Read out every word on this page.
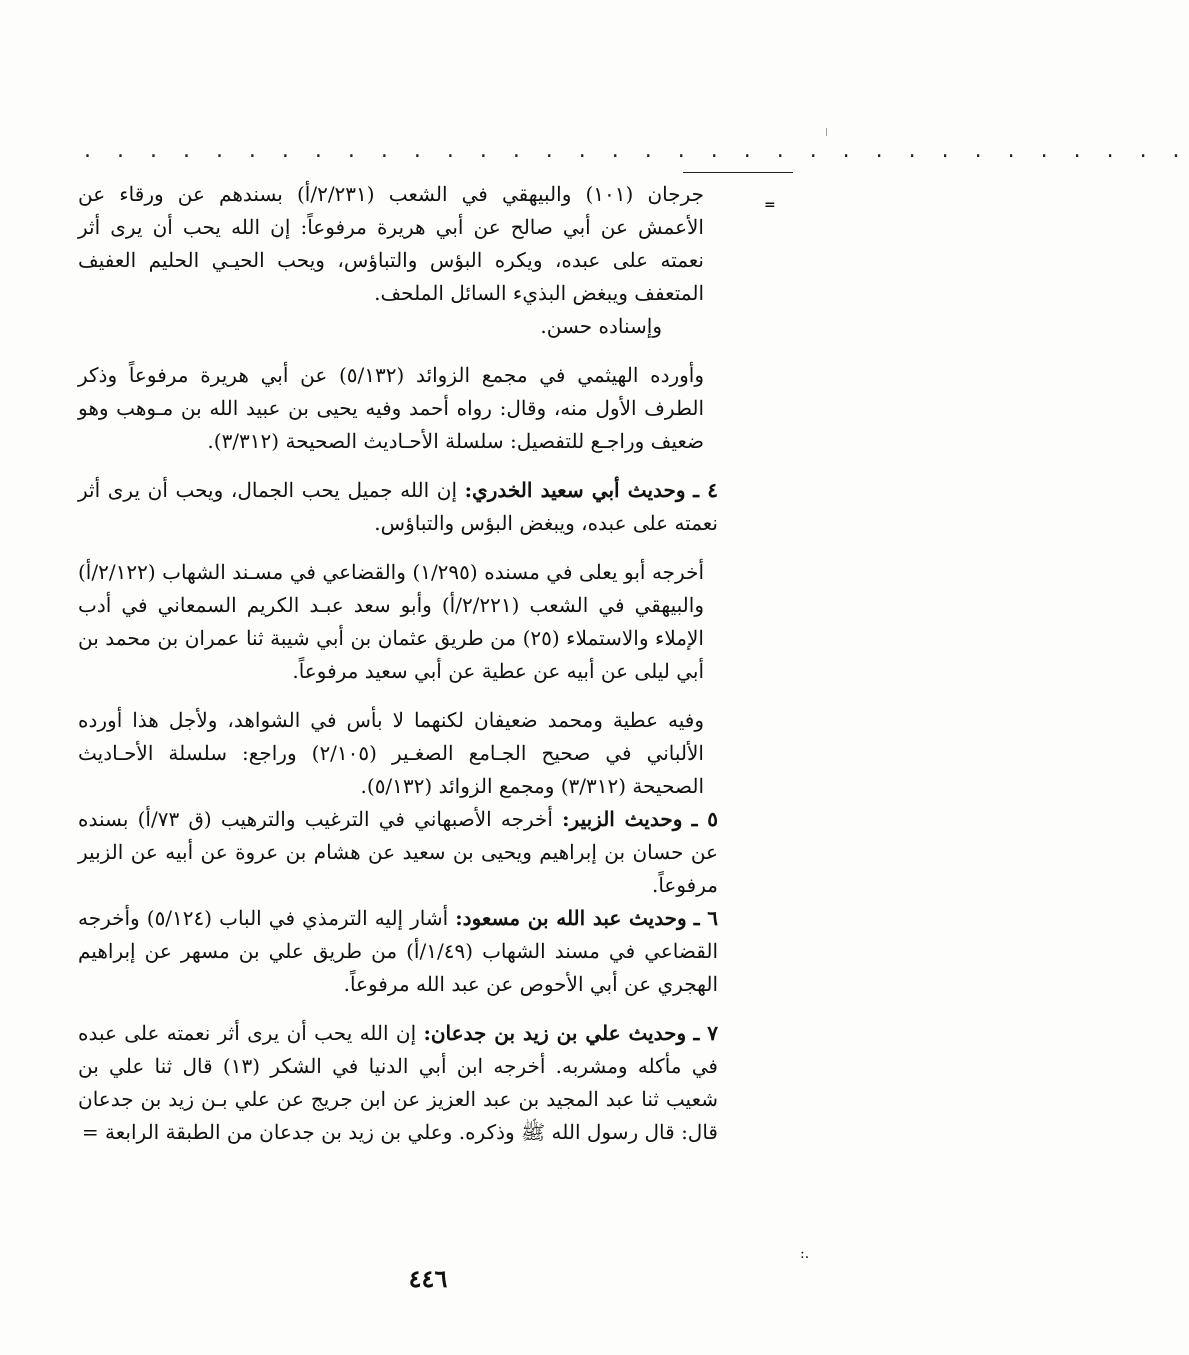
. . . . . . . . . . . . . . . . . . . . . . . . . . . . . . . . . .
=

جرجان (١٠١) والبيهقي في الشعب (٢/٢٣١/أ) بسندهم عن ورقاء عن الأعمش عن أبي صالح عن أبي هريرة مرفوعاً: إن الله يحب أن يرى أثر نعمته على عبده، ويكره البؤس والتباؤس، ويحب الحيـي الحليم العفيف المتعفف ويبغض البذيء السائل الملحف.

وإسناده حسن.

وأورده الهيثمي في مجمع الزوائد (٥/١٣٢) عن أبي هريرة مرفوعاً وذكر الطرف الأول منه، وقال: رواه أحمد وفيه يحيى بن عبيد الله بن مـوهب وهو ضعيف وراجـع للتفصيل: سلسلة الأحـاديث الصحيحة (٣/٣١٢).

٤ ـ وحديث أبي سعيد الخدري: إن الله جميل يحب الجمال، ويحب أن يرى أثر نعمته على عبده، ويبغض البؤس والتباؤس.

أخرجه أبو يعلى في مسنده (١/٢٩٥) والقضاعي في مسـند الشهاب (٢/١٢٢/أ) والبيهقي في الشعب (٢/٢٢١/أ) وأبو سعد عبـد الكريم السمعاني في أدب الإملاء والاستملاء (٢٥) من طريق عثمان بن أبي شيبة ثنا عمران بن محمد بن أبي ليلى عن أبيه عن عطية عن أبي سعيد مرفوعاً.

وفيه عطية ومحمد ضعيفان لكنهما لا بأس في الشواهد، ولأجل هذا أورده الألباني في صحيح الجـامع الصغـير (٢/١٠٥) وراجع: سلسلة الأحـاديث الصحيحة (٣/٣١٢) ومجمع الزوائد (٥/١٣٢).

٥ ـ وحديث الزبير: أخرجه الأصبهاني في الترغيب والترهيب (ق ٧٣/أ) بسنده عن حسان بن إبراهيم ويحيى بن سعيد عن هشام بن عروة عن أبيه عن الزبير مرفوعاً.

٦ ـ وحديث عبد الله بن مسعود: أشار إليه الترمذي في الباب (٥/١٢٤) وأخرجه القضاعي في مسند الشهاب (١/٤٩/أ) من طريق علي بن مسهر عن إبراهيم الهجري عن أبي الأحوص عن عبد الله مرفوعاً.

٧ ـ وحديث علي بن زيد بن جدعان: إن الله يحب أن يرى أثر نعمته على عبده في مأكله ومشربه. أخرجه ابن أبي الدنيا في الشكر (١٣) قال ثنا علي بن شعيب ثنا عبد المجيد بن عبد العزيز عن ابن جريج عن علي بـن زيد بن جدعان قال: قال رسول الله ﷺ وذكره. وعلي بن زيد بن جدعان من الطبقة الرابعة =

:.
٤٤٦
